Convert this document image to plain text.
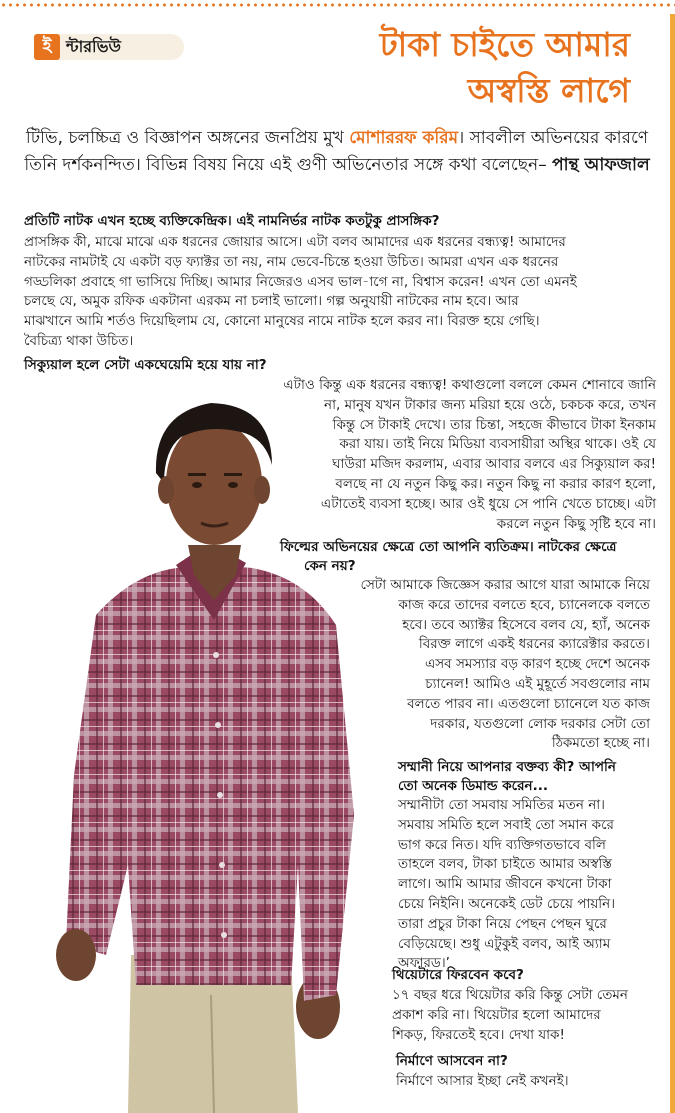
ই ন্টারভিউ	টাকা চাইতে আমার
অস্বস্তি লাগে
টিভি, চলচ্চিত্র ও বিজ্ঞাপন অঙ্গনের জনপ্রিয় মুখ মোশাররফ করিম। সাবলীল অভিনয়ের কারণে তিনি দর্শকনন্দিত। বিভিন্ন বিষয় নিয়ে এই গুণী অভিনেতার সঙ্গে কথা বলেছেন– পান্থ আফজাল
প্রতিটি নাটক এখন হচ্ছে ব্যক্তিকেন্দ্রিক। এই নামনির্ভর নাটক কতটুকু প্রাসঙ্গিক?
প্রাসঙ্গিক কী, মাঝে মাঝে এক ধরনের জোয়ার আসে। এটা বলব আমাদের এক ধরনের বন্ধ্যত্ব! আমাদের
নাটকের নামটাই যে একটা বড় ফ্যাক্টর তা নয়, নাম ভেবে-চিন্তে হওয়া উচিত। আমরা এখন এক ধরনের
গড্ডলিকা প্রবাহে গা ভাসিয়ে দিচ্ছি। আমার নিজেরও এসব ভাল-াগে না, বিশ্বাস করেন! এখন তো এমনই
চলছে যে, অমুক রফিক একটানা এরকম না চলাই ভালো। গল্প অনুযায়ী নাটকের নাম হবে। আর
মাঝখানে আমি শর্তও দিয়েছিলাম যে, কোনো মানুষের নামে নাটক হলে করব না। বিরক্ত হয়ে গেছি।
বৈচিত্র্য থাকা উচিত।
সিক্যুয়াল হলে সেটা একঘেয়েমি হয়ে যায় না?
এটাও কিন্তু এক ধরনের বন্ধ্যত্ব! কথাগুলো বললে কেমন শোনাবে জানি
না, মানুষ যখন টাকার জন্য মরিয়া হয়ে ওঠে, চকচক করে, তখন
কিন্তু সে টাকাই দেখে। তার চিন্তা, সহজে কীভাবে টাকা ইনকাম
করা যায়। তাই নিয়ে মিডিয়া ব্যবসায়ীরা অস্থির থাকে। ওই যে
ঘাউরা মজিদ করলাম, এবার আবার বলবে এর সিক্যুয়াল কর!
বলছে না যে নতুন কিছু কর। নতুন কিছু না করার কারণ হলো,
এটাতেই ব্যবসা হচ্ছে। আর ওই ধুয়ে সে পানি খেতে চাচ্ছে। এটা
করলে নতুন কিছু সৃষ্টি হবে না।
ফিল্মের অভিনয়ের ক্ষেত্রে তো আপনি ব্যতিক্রম। নাটকের ক্ষেত্রে
কেন নয়?
সেটা আমাকে জিজ্ঞেস করার আগে যারা আমাকে নিয়ে
কাজ করে তাদের বলতে হবে, চ্যানেলকে বলতে
হবে। তবে অ্যাক্টর হিসেবে বলব যে, হ্যাঁ, অনেক
বিরক্ত লাগে একই ধরনের ক্যারেক্টার করতে।
এসব সমস্যার বড় কারণ হচ্ছে দেশে অনেক
চ্যানেল! আমিও এই মুহূর্তে সবগুলোর নাম
বলতে পারব না। এতগুলো চ্যানেলে যত কাজ
দরকার, যতগুলো লোক দরকার সেটা তো
ঠিকমতো হচ্ছে না।
সম্মানী নিয়ে আপনার বক্তব্য কী? আপনি
তো অনেক ডিমান্ড করেন...
সম্মানীটা তো সমবায় সমিতির মতন না।
সমবায় সমিতি হলে সবাই তো সমান করে
ভাগ করে নিত। যদি ব্যক্তিগতভাবে বলি
তাহলে বলব, টাকা চাইতে আমার অস্বস্তি
লাগে। আমি আমার জীবনে কখনো টাকা
চেয়ে নিইনি। অনেকেই ডেট চেয়ে পায়নি।
তারা প্রচুর টাকা নিয়ে পেছন পেছন ঘুরে
বেড়িয়েছে। শুধু এটুকুই বলব, আই অ্যাম
অফারড।’
থিয়েটারে ফিরবেন কবে?
১৭ বছর ধরে থিয়েটার করি কিন্তু সেটা তেমন
প্রকাশ করি না। থিয়েটার হলো আমাদের
শিকড়, ফিরতেই হবে। দেখা যাক!
নির্মাণে আসবেন না?
নির্মাণে আসার ইচ্ছা নেই কখনই।
